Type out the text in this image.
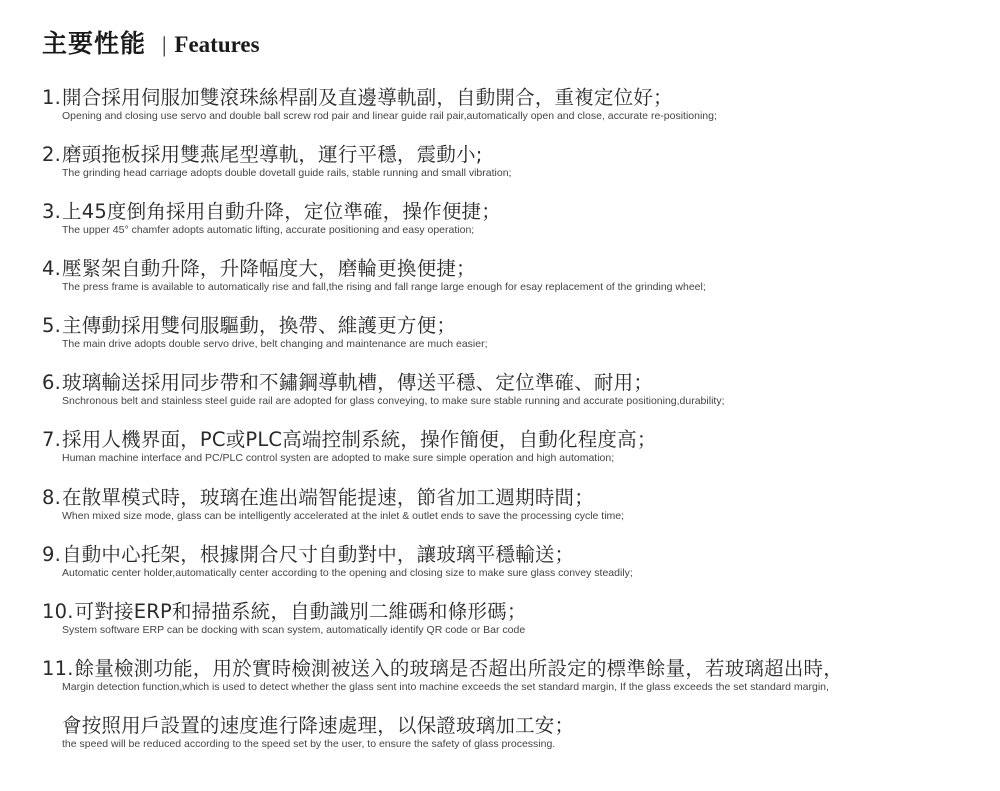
主要性能 | Features
1.開合採用伺服加雙滾珠絲桿副及直邊導軌副，自動開合，重複定位好；
Opening and closing use servo and double ball screw rod pair and linear guide rail pair,automatically open and close, accurate re-positioning;
2.磨頭拖板採用雙燕尾型導軌，運行平穩，震動小;
The grinding head carriage adopts double dovetall guide rails, stable running and small vibration;
3.上45度倒角採用自動升降，定位準確，操作便捷；
The upper 45° chamfer adopts automatic lifting, accurate positioning and easy operation;
4.壓緊架自動升降，升降幅度大，磨輪更換便捷；
The press frame is available to automatically rise and fall,the rising and fall range large enough for esay replacement of the grinding wheel;
5.主傳動採用雙伺服驅動，換帶、維護更方便；
The main drive adopts double servo drive, belt changing and maintenance are much easier;
6.玻璃輸送採用同步帶和不鏽鋼導軌槽，傳送平穩、定位準確、耐用；
Snchronous belt and stainless steel guide rail are adopted for glass conveying, to make sure stable running and accurate positioning,durability;
7.採用人機界面，PC或PLC高端控制系統，操作簡便，自動化程度高；
Human machine interface and PC/PLC control systen are adopted to make sure simple operation and high automation;
8.在散單模式時，玻璃在進出端智能提速，節省加工週期時間；
When mixed size mode, glass can be intelligently accelerated at the inlet & outlet ends to save the processing cycle time;
9.自動中心托架，根據開合尺寸自動對中，讓玻璃平穩輸送；
Automatic center holder,automatically center according to the opening and closing size to make sure glass convey steadily;
10.可對接ERP和掃描系統，自動識別二維碼和條形碼；
System software ERP can be docking with scan system, automatically identify QR code or Bar code
11.餘量檢測功能，用於實時檢測被送入的玻璃是否超出所設定的標準餘量，若玻璃超出時，
Margin detection function,which is used to detect whether the glass sent into machine exceeds the set standard margin, If the glass exceeds the set standard margin,
會按照用戶設置的速度進行降速處理，以保證玻璃加工安；
the speed will be reduced according to the speed set by the user, to ensure the safety of glass processing.
